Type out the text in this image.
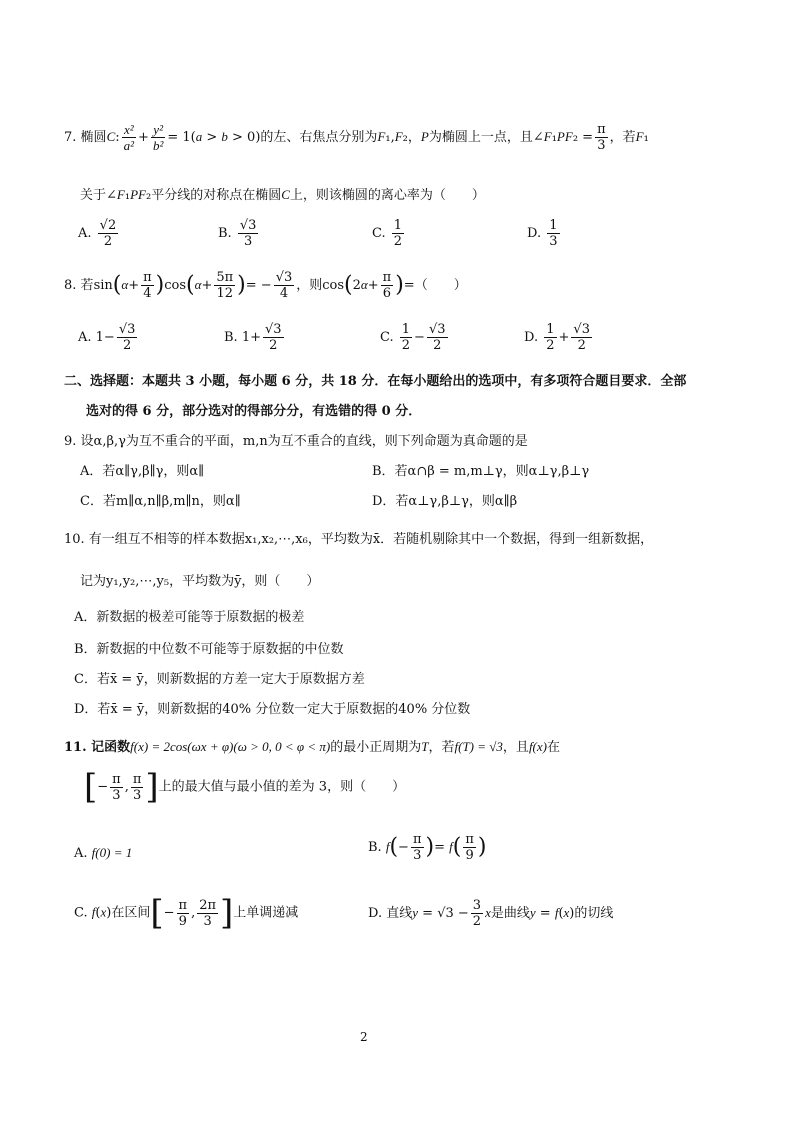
7. 椭圆C: $\frac{\text{x²}}{\text{a²}} + \frac{\text{y²}}{\text{b²}} = 1(a > b > 0)$的左、右焦点分别为F₁,F₂，P为椭圆上一点，且∠F₁PF₂ = $\frac{\pi}{3}$ ，若F₁
关于∠F₁PF₂平分线的对称点在椭圆C上，则该椭圆的离心率为（　　）
A. $\frac{√2}{2}$	B. $\frac{√3}{3}$	C. $\frac{1}{2}$	D. $\frac{1}{3}$
8. 若$\sin(\alpha+ \frac{\pi}{4} )\cos(\alpha+ \frac{5\pi}{12}$ )= − $\frac{√3}{4}$ ，则$\cos(2\alpha+ \frac{\pi}{6}$ )=（　　）
A. $1- \frac{√3}{2}$	B. $1+ \frac{√3}{2}$	C. $\frac{1}{2} - \frac{√3}{2}$	D. $\frac{1}{2} + \frac{√3}{2}$
二、选择题：本题共 3 小题，每小题 6 分，共 18 分．在每小题给出的选项中，有多项符合题目要求．全部
选对的得 6 分，部分选对的得部分分，有选错的得 0 分．
9. 设α,β,γ为互不重合的平面，m,n为互不重合的直线，则下列命题为真命题的是
A．若α∥γ,β∥γ，则α∥	B．若α∩β = m,m⊥γ，则α⊥γ,β⊥γ
C．若m∥α,n∥β,m∥n，则α∥	D．若α⊥γ,β⊥γ，则α∥β
10. 有一组互不相等的样本数据x₁,x₂,⋯,x₆，平均数为x̄．若随机剔除其中一个数据，得到一组新数据，
记为y₁,y₂,⋯,y₅，平均数为ȳ，则（　　）
A．新数据的极差可能等于原数据的极差
B．新数据的中位数不可能等于原数据的中位数
C．若x̄ = ȳ，则新数据的方差一定大于原数据方差
D．若x̄ = ȳ，则新数据的40% 分位数一定大于原数据的40% 分位数
11. 记函数f(x) = 2cos(ωx + φ)(ω > 0, 0 < φ < π)的最小正周期为T，若f(T) = √3，且f(x)在
[− $\frac{\pi}{3}$ , $\frac{\pi}{3}$ ]上的最大值与最小值的差为 3，则（　　）
A. f(0) = 1	B. $f(- \frac{\pi}{3}$ )= $f( \frac{\pi}{9}$ )
C. f(x)在区间[− $\frac{\pi}{9}$ , $\frac{2\pi}{3}$ ]上单调递减	D. 直线$y = √3 - \frac{3}{2}$ x是曲线y = f(x)的切线
2
